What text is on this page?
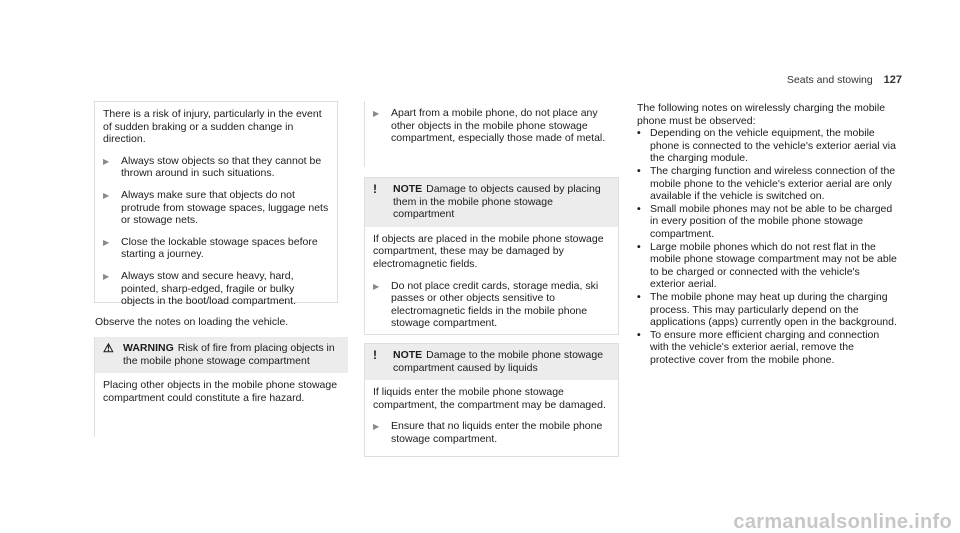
Seats and stowing 127

There is a risk of injury, particularly in the event of sudden braking or a sudden change in direction.

▶	Always stow objects so that they cannot be thrown around in such situations.
▶	Always make sure that objects do not protrude from stowage spaces, luggage nets or stowage nets.
▶	Close the lockable stowage spaces before starting a journey.
▶	Always stow and secure heavy, hard, pointed, sharp-edged, fragile or bulky objects in the boot/load compartment.

Observe the notes on loading the vehicle.

⚠ WARNING Risk of fire from placing objects in the mobile phone stowage compartment
Placing other objects in the mobile phone stowage compartment could constitute a fire hazard.
▶	Apart from a mobile phone, do not place any other objects in the mobile phone stowage compartment, especially those made of metal.
!	NOTE Damage to objects caused by placing them in the mobile phone stowage compartment

If objects are placed in the mobile phone stowage compartment, these may be damaged by electromagnetic fields.

▶	Do not place credit cards, storage media, ski passes or other objects sensitive to electromagnetic fields in the mobile phone stowage compartment.
!	NOTE Damage to the mobile phone stowage compartment caused by liquids

If liquids enter the mobile phone stowage compartment, the compartment may be damaged.

▶	Ensure that no liquids enter the mobile phone stowage compartment.

The following notes on wirelessly charging the mobile phone must be observed:

• Depending on the vehicle equipment, the mobile phone is connected to the vehicle's exterior aerial via the charging module.
• The charging function and wireless connection of the mobile phone to the vehicle's exterior aerial are only available if the vehicle is switched on.
• Small mobile phones may not be able to be charged in every position of the mobile phone stowage compartment.
• Large mobile phones which do not rest flat in the mobile phone stowage compartment may not be able to be charged or connected with the vehicle's exterior aerial.
• The mobile phone may heat up during the charging process. This may particularly depend on the applications (apps) currently open in the background.
• To ensure more efficient charging and connection with the vehicle's exterior aerial, remove the protective cover from the mobile phone.
carmanualsonline.info
